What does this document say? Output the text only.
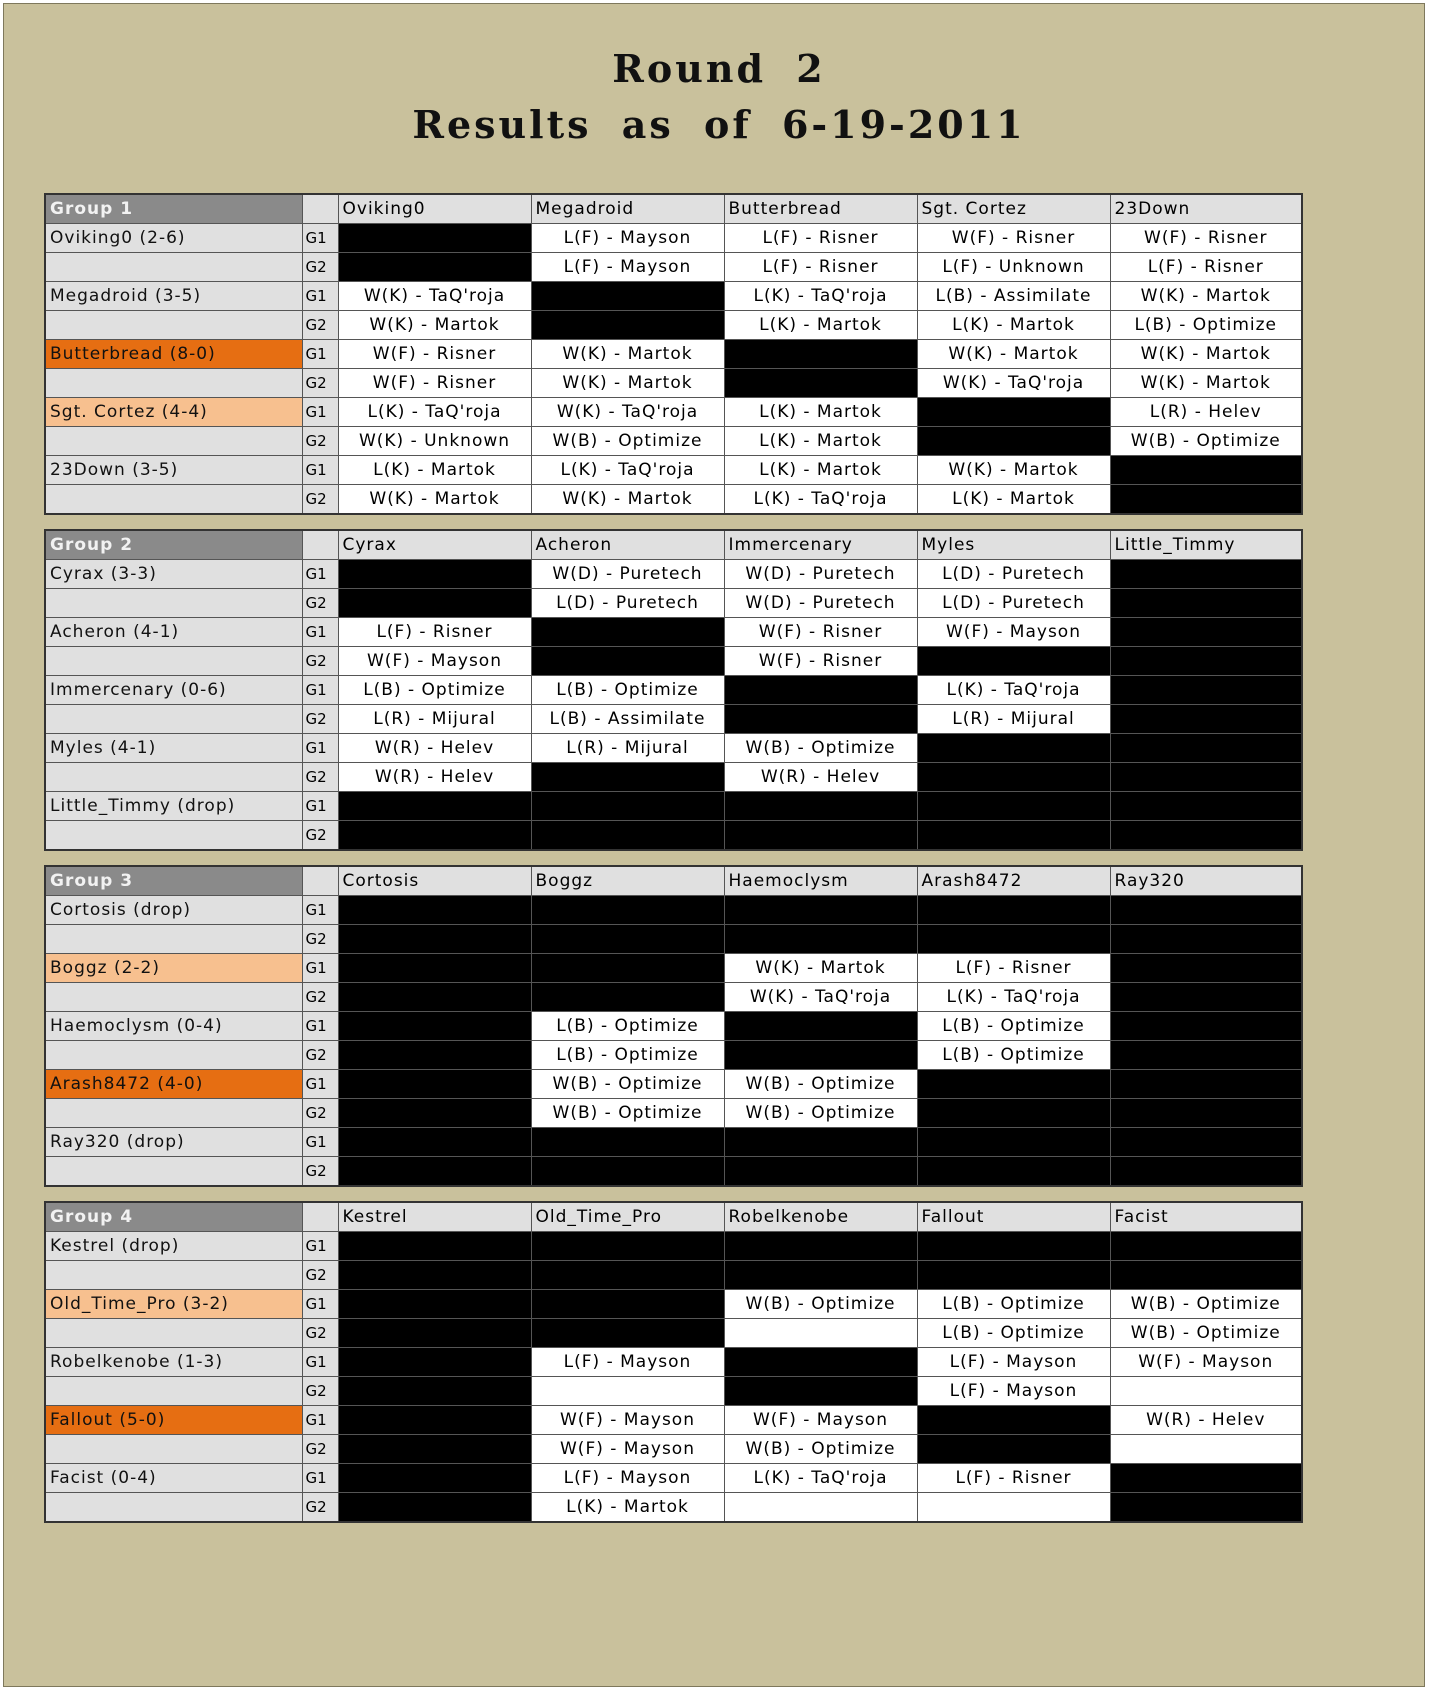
Round 2
Results as of 6-19-2011
Group 1		Oviking0	Megadroid	Butterbread	Sgt. Cortez	23Down
Oviking0 (2-6)	G1		L(F) - Mayson	L(F) - Risner	W(F) - Risner	W(F) - Risner
	G2		L(F) - Mayson	L(F) - Risner	L(F) - Unknown	L(F) - Risner
Megadroid (3-5)	G1	W(K) - TaQ'roja		L(K) - TaQ'roja	L(B) - Assimilate	W(K) - Martok
	G2	W(K) - Martok		L(K) - Martok	L(K) - Martok	L(B) - Optimize
Butterbread (8-0)	G1	W(F) - Risner	W(K) - Martok		W(K) - Martok	W(K) - Martok
	G2	W(F) - Risner	W(K) - Martok		W(K) - TaQ'roja	W(K) - Martok
Sgt. Cortez (4-4)	G1	L(K) - TaQ'roja	W(K) - TaQ'roja	L(K) - Martok		L(R) - Helev
	G2	W(K) - Unknown	W(B) - Optimize	L(K) - Martok		W(B) - Optimize
23Down (3-5)	G1	L(K) - Martok	L(K) - TaQ'roja	L(K) - Martok	W(K) - Martok	
	G2	W(K) - Martok	W(K) - Martok	L(K) - TaQ'roja	L(K) - Martok	
Group 2		Cyrax	Acheron	Immercenary	Myles	Little_Timmy
Cyrax (3-3)	G1		W(D) - Puretech	W(D) - Puretech	L(D) - Puretech	
	G2		L(D) - Puretech	W(D) - Puretech	L(D) - Puretech	
Acheron (4-1)	G1	L(F) - Risner		W(F) - Risner	W(F) - Mayson	
	G2	W(F) - Mayson		W(F) - Risner		
Immercenary (0-6)	G1	L(B) - Optimize	L(B) - Optimize		L(K) - TaQ'roja	
	G2	L(R) - Mijural	L(B) - Assimilate		L(R) - Mijural	
Myles (4-1)	G1	W(R) - Helev	L(R) - Mijural	W(B) - Optimize		
	G2	W(R) - Helev		W(R) - Helev		
Little_Timmy (drop)	G1					
	G2					
Group 3		Cortosis	Boggz	Haemoclysm	Arash8472	Ray320
Cortosis (drop)	G1					
	G2					
Boggz (2-2)	G1			W(K) - Martok	L(F) - Risner	
	G2			W(K) - TaQ'roja	L(K) - TaQ'roja	
Haemoclysm (0-4)	G1		L(B) - Optimize		L(B) - Optimize	
	G2		L(B) - Optimize		L(B) - Optimize	
Arash8472 (4-0)	G1		W(B) - Optimize	W(B) - Optimize		
	G2		W(B) - Optimize	W(B) - Optimize		
Ray320 (drop)	G1					
	G2					
Group 4		Kestrel	Old_Time_Pro	Robelkenobe	Fallout	Facist
Kestrel (drop)	G1					
	G2					
Old_Time_Pro (3-2)	G1			W(B) - Optimize	L(B) - Optimize	W(B) - Optimize
	G2				L(B) - Optimize	W(B) - Optimize
Robelkenobe (1-3)	G1		L(F) - Mayson		L(F) - Mayson	W(F) - Mayson
	G2				L(F) - Mayson	
Fallout (5-0)	G1		W(F) - Mayson	W(F) - Mayson		W(R) - Helev
	G2		W(F) - Mayson	W(B) - Optimize		
Facist (0-4)	G1		L(F) - Mayson	L(K) - TaQ'roja	L(F) - Risner	
	G2		L(K) - Martok			
